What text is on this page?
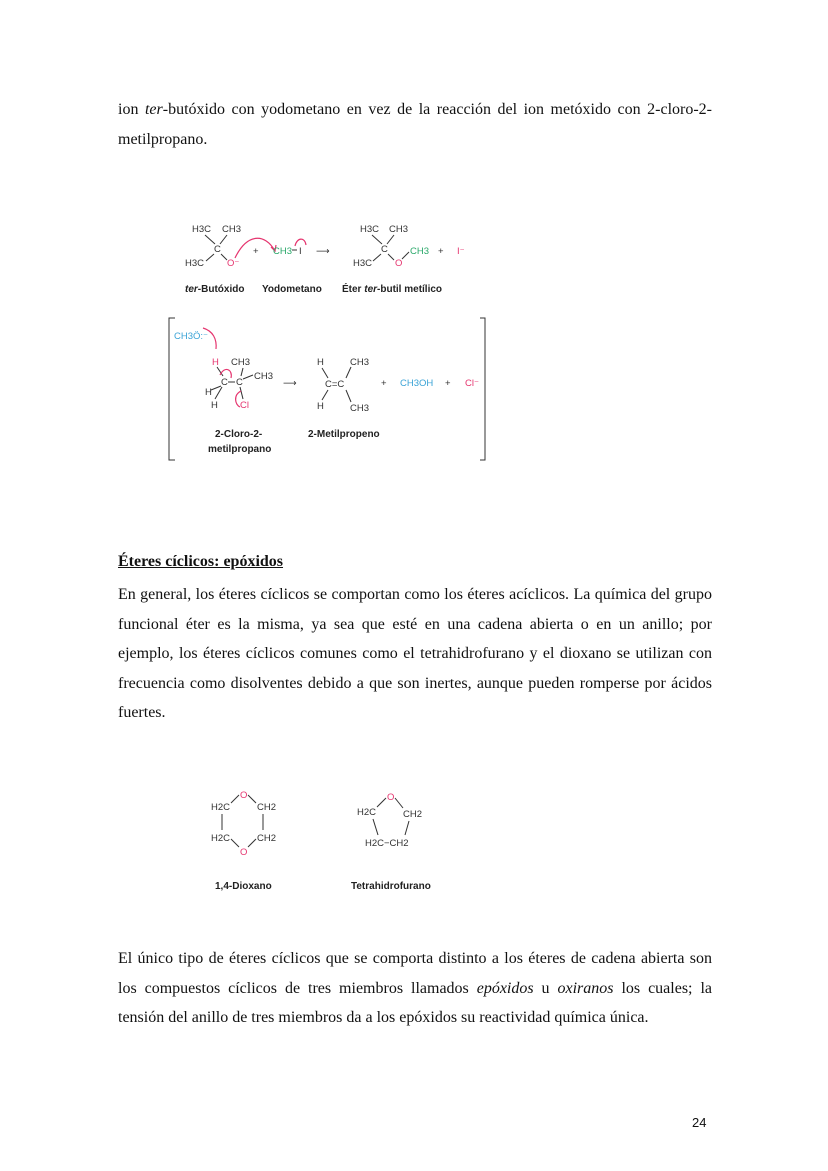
ion ter-butóxido con yodometano en vez de la reacción del ion metóxido con 2-cloro-2-metilpropano.

H3C CH3
C
H3C O⁻
+ CH3 I ⟶
H3C CH3
C
H3C O
CH3 + I⁻
ter-Butóxido Yodometano Éter ter-butil metílico
CH3Ö:⁻
H CH3
CH3
C C
H
H Cl
⟶
H	CH3
C=C
H	CH3
+ CH3OH + Cl⁻
2-Cloro-2-
metilpropano
2-Metilpropeno
Éteres cíclicos: epóxidos

En general, los éteres cíclicos se comportan como los éteres acíclicos. La química del grupo funcional éter es la misma, ya sea que esté en una cadena abierta o en un anillo; por ejemplo, los éteres cíclicos comunes como el tetrahidrofurano y el dioxano se utilizan con frecuencia como disolventes debido a que son inertes, aunque pueden romperse por ácidos fuertes.

O
H2C	CH2
H2C	CH2
O
1,4-Dioxano
O
H2C	CH2
H2C−CH2
Tetrahidrofurano

El único tipo de éteres cíclicos que se comporta distinto a los éteres de cadena abierta son los compuestos cíclicos de tres miembros llamados epóxidos u oxiranos los cuales; la tensión del anillo de tres miembros da a los epóxidos su reactividad química única.

24
